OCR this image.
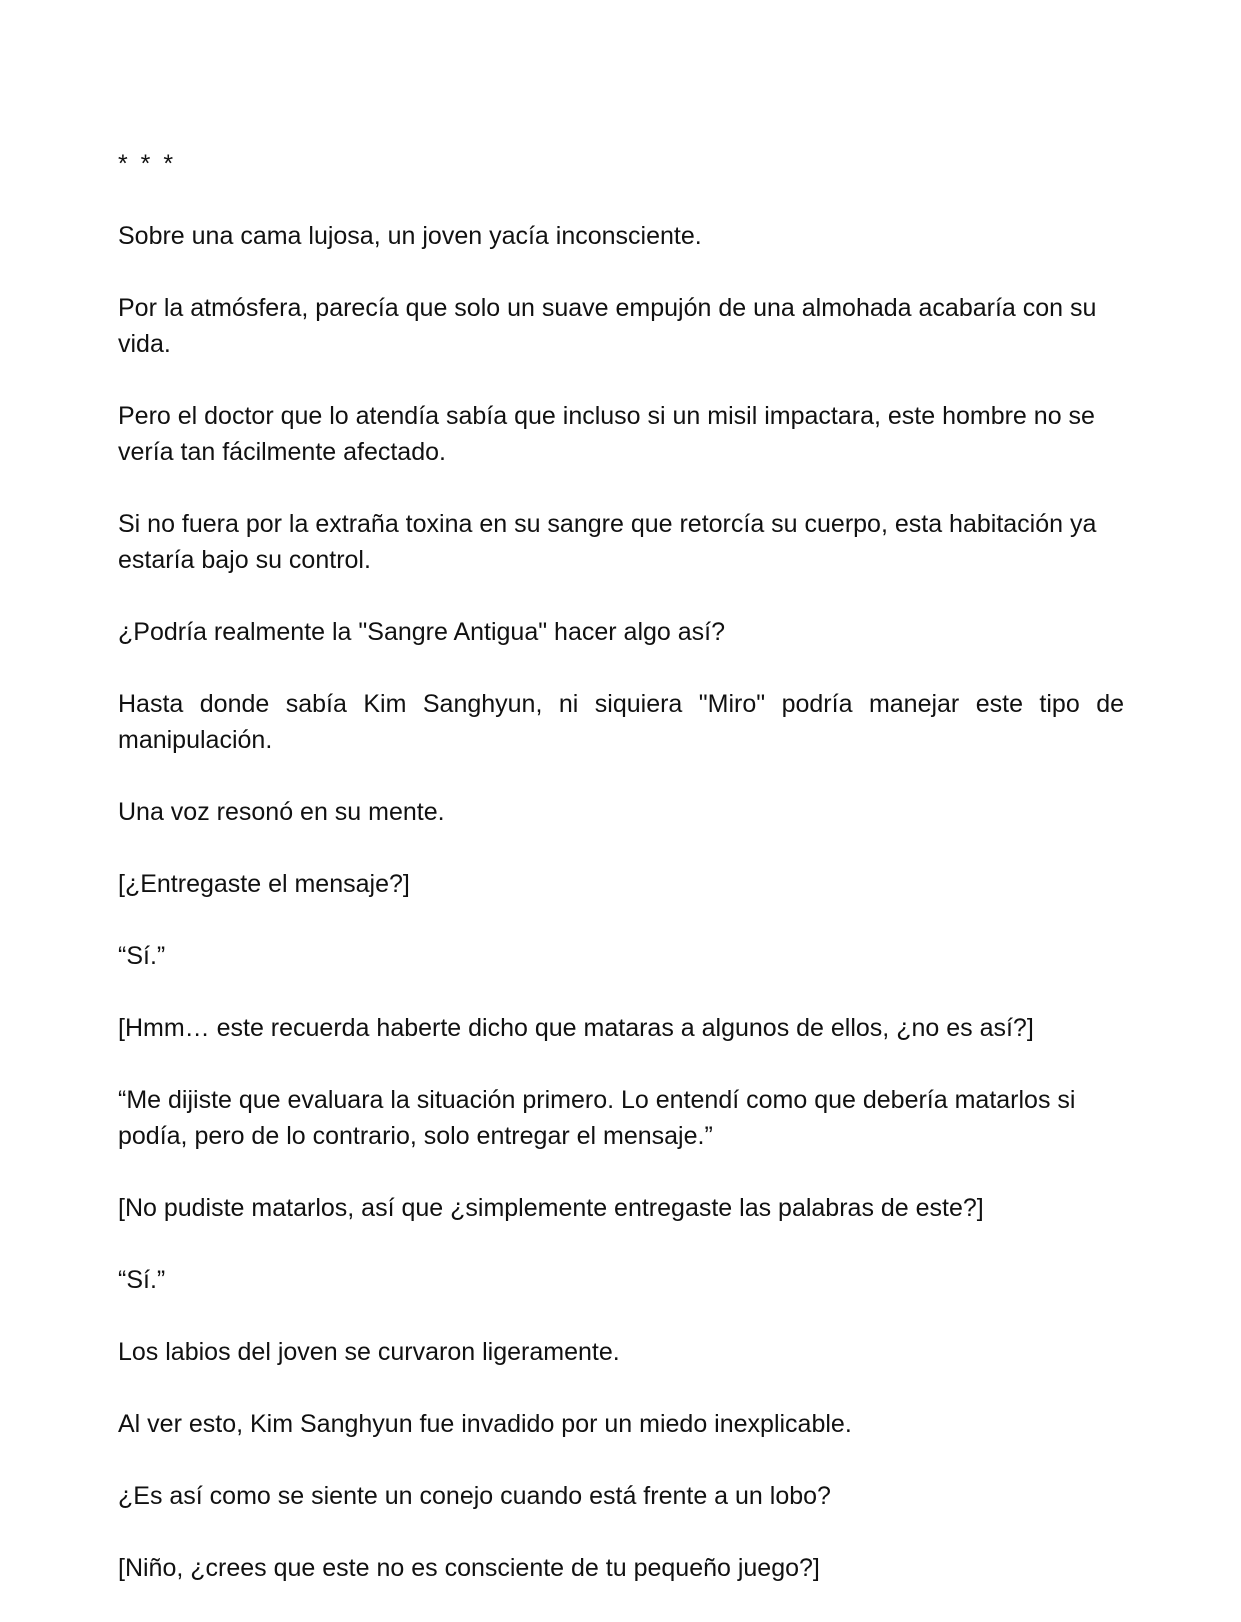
* * *

Sobre una cama lujosa, un joven yacía inconsciente.

Por la atmósfera, parecía que solo un suave empujón de una almohada acabaría con su vida.

Pero el doctor que lo atendía sabía que incluso si un misil impactara, este hombre no se vería tan fácilmente afectado.

Si no fuera por la extraña toxina en su sangre que retorcía su cuerpo, esta habitación ya estaría bajo su control.

¿Podría realmente la "Sangre Antigua" hacer algo así?

Hasta donde sabía Kim Sanghyun, ni siquiera "Miro" podría manejar este tipo de manipulación.

Una voz resonó en su mente.

[¿Entregaste el mensaje?]

“Sí.”

[Hmm… este recuerda haberte dicho que mataras a algunos de ellos, ¿no es así?]

“Me dijiste que evaluara la situación primero. Lo entendí como que debería matarlos si podía, pero de lo contrario, solo entregar el mensaje.”

[No pudiste matarlos, así que ¿simplemente entregaste las palabras de este?]

“Sí.”

Los labios del joven se curvaron ligeramente.

Al ver esto, Kim Sanghyun fue invadido por un miedo inexplicable.

¿Es así como se siente un conejo cuando está frente a un lobo?

[Niño, ¿crees que este no es consciente de tu pequeño juego?]
